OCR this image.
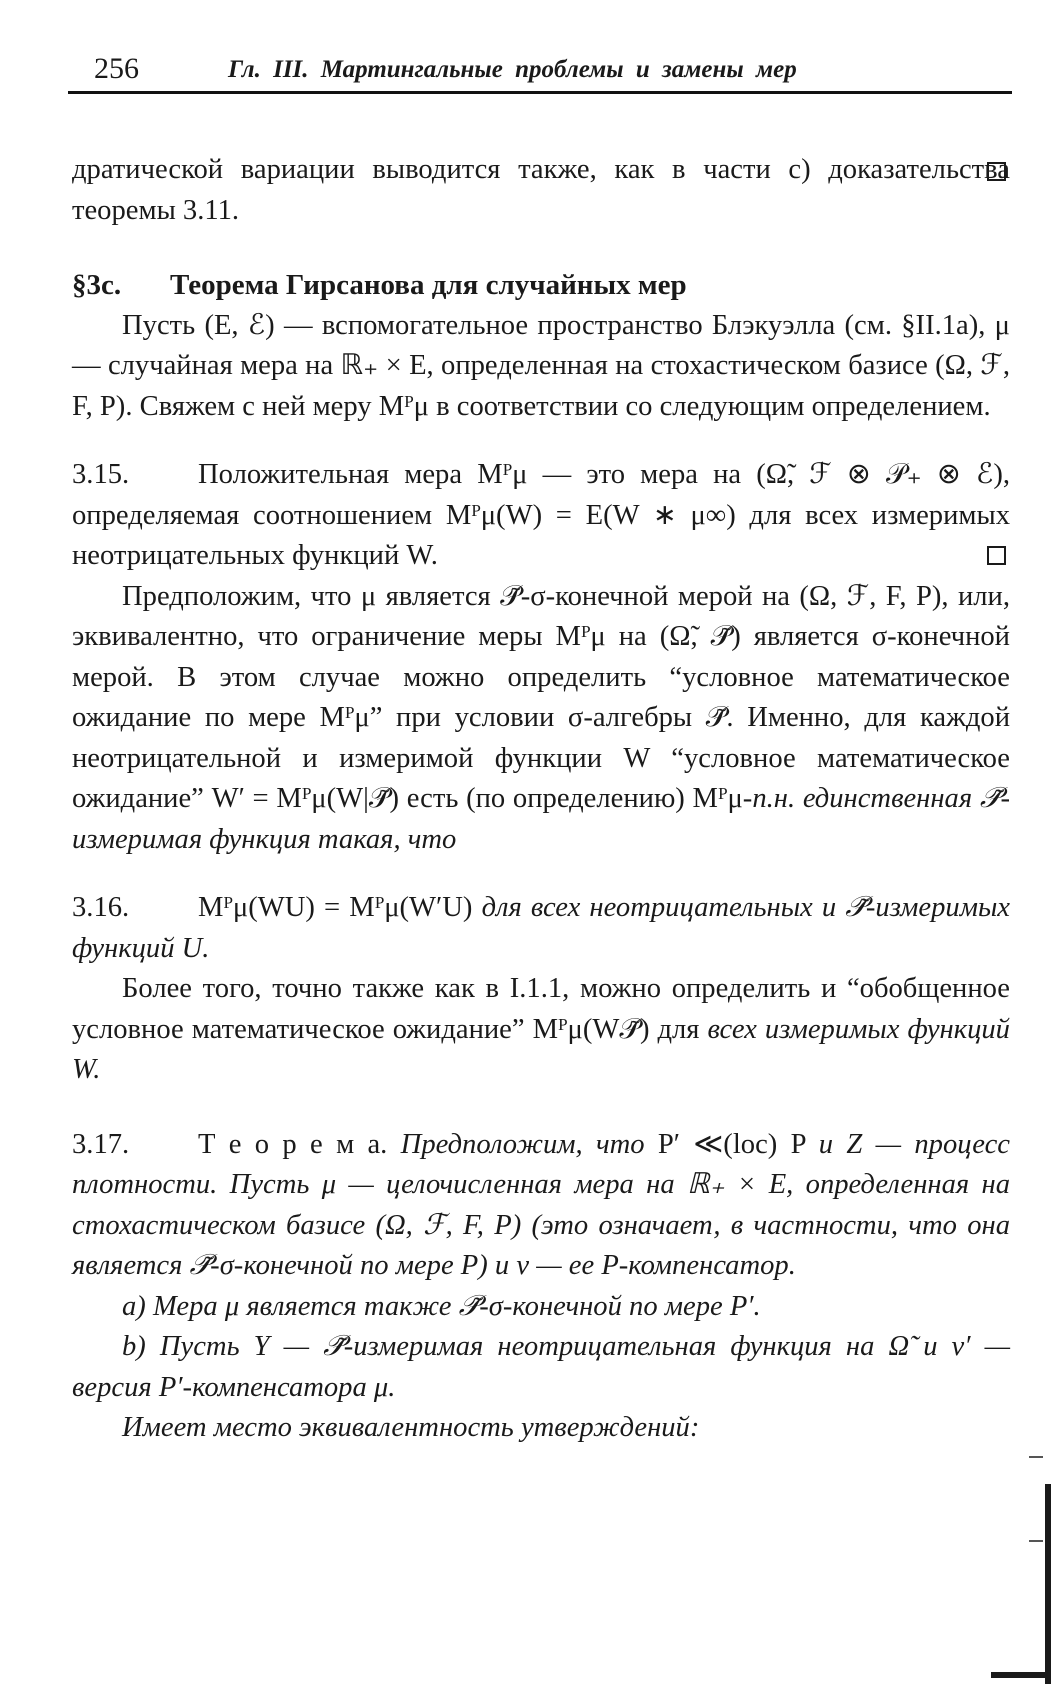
256	Гл. III. Мартингальные проблемы и замены мер

дратической вариации выводится также, как в части c) доказательства теоремы 3.11.

§3c. Теорема Гирсанова для случайных мер

Пусть (E, ℰ) — вспомогательное пространство Блэкуэлла (см. §II.1a), μ — случайная мера на ℝ₊ × E, определенная на стохастическом базисе (Ω, ℱ, F, P). Свяжем с ней меру Mᴾμ в соответствии со следующим определением.

3.15. Положительная мера Mᴾμ — это мера на (Ω̃, ℱ ⊗ 𝒫₊ ⊗ ℰ), определяемая соотношением Mᴾμ(W) = E(W ∗ μ∞) для всех измеримых неотрицательных функций W.

Предположим, что μ является 𝒫̃-σ-конечной мерой на (Ω, ℱ, F, P), или, эквивалентно, что ограничение меры Mᴾμ на (Ω̃, 𝒫̃) является σ-конечной мерой. В этом случае можно определить “условное математическое ожидание по мере Mᴾμ” при условии σ-алгебры 𝒫̃. Именно, для каждой неотрицательной и измеримой функции W “условное математическое ожидание” W′ = Mᴾμ(W|𝒫̃) есть (по определению) Mᴾμ-п.н. единственная 𝒫̃-измеримая функция такая, что

3.16. Mᴾμ(WU) = Mᴾμ(W′U) для всех неотрицательных и 𝒫̃-измеримых функций U.

Более того, точно также как в I.1.1, можно определить и “обобщенное условное математическое ожидание” Mᴾμ(W𝒫̃) для всех измеримых функций W.

3.17. Т е о р е м а. Предположим, что P′ ≪(loc) P и Z — процесс плотности. Пусть μ — целочисленная мера на ℝ₊ × E, определенная на стохастическом базисе (Ω, ℱ, F, P) (это означает, в частности, что она является 𝒫̃-σ-конечной по мере P) и ν — ее P-компенсатор.

a) Мера μ является также 𝒫̃-σ-конечной по мере P′.

b) Пусть Y — 𝒫̃-измеримая неотрицательная функция на Ω̃ и ν′ — версия P′-компенсатора μ.

Имеет место эквивалентность утверждений:
